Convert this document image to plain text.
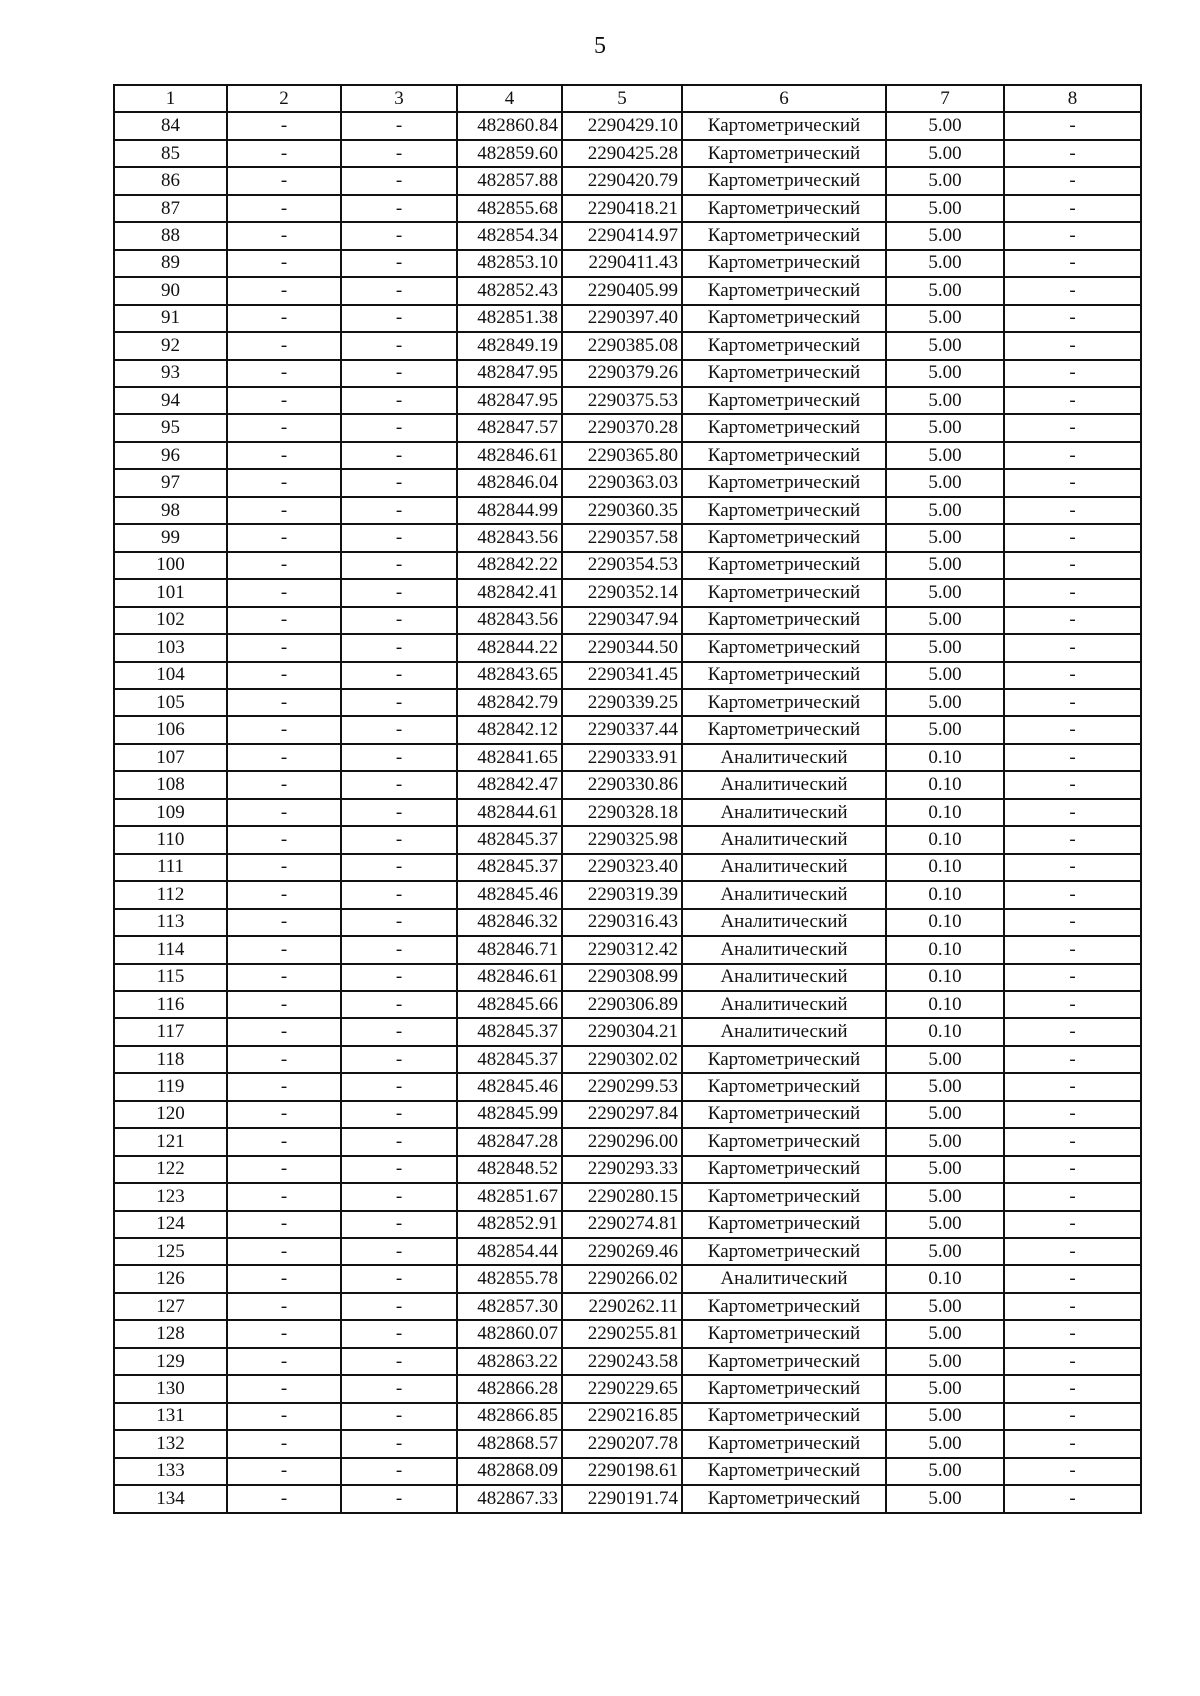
5
1	2	3	4	5	6	7	8
84	-	-	482860.84	2290429.10	Картометрический	5.00	-
85	-	-	482859.60	2290425.28	Картометрический	5.00	-
86	-	-	482857.88	2290420.79	Картометрический	5.00	-
87	-	-	482855.68	2290418.21	Картометрический	5.00	-
88	-	-	482854.34	2290414.97	Картометрический	5.00	-
89	-	-	482853.10	2290411.43	Картометрический	5.00	-
90	-	-	482852.43	2290405.99	Картометрический	5.00	-
91	-	-	482851.38	2290397.40	Картометрический	5.00	-
92	-	-	482849.19	2290385.08	Картометрический	5.00	-
93	-	-	482847.95	2290379.26	Картометрический	5.00	-
94	-	-	482847.95	2290375.53	Картометрический	5.00	-
95	-	-	482847.57	2290370.28	Картометрический	5.00	-
96	-	-	482846.61	2290365.80	Картометрический	5.00	-
97	-	-	482846.04	2290363.03	Картометрический	5.00	-
98	-	-	482844.99	2290360.35	Картометрический	5.00	-
99	-	-	482843.56	2290357.58	Картометрический	5.00	-
100	-	-	482842.22	2290354.53	Картометрический	5.00	-
101	-	-	482842.41	2290352.14	Картометрический	5.00	-
102	-	-	482843.56	2290347.94	Картометрический	5.00	-
103	-	-	482844.22	2290344.50	Картометрический	5.00	-
104	-	-	482843.65	2290341.45	Картометрический	5.00	-
105	-	-	482842.79	2290339.25	Картометрический	5.00	-
106	-	-	482842.12	2290337.44	Картометрический	5.00	-
107	-	-	482841.65	2290333.91	Аналитический	0.10	-
108	-	-	482842.47	2290330.86	Аналитический	0.10	-
109	-	-	482844.61	2290328.18	Аналитический	0.10	-
110	-	-	482845.37	2290325.98	Аналитический	0.10	-
111	-	-	482845.37	2290323.40	Аналитический	0.10	-
112	-	-	482845.46	2290319.39	Аналитический	0.10	-
113	-	-	482846.32	2290316.43	Аналитический	0.10	-
114	-	-	482846.71	2290312.42	Аналитический	0.10	-
115	-	-	482846.61	2290308.99	Аналитический	0.10	-
116	-	-	482845.66	2290306.89	Аналитический	0.10	-
117	-	-	482845.37	2290304.21	Аналитический	0.10	-
118	-	-	482845.37	2290302.02	Картометрический	5.00	-
119	-	-	482845.46	2290299.53	Картометрический	5.00	-
120	-	-	482845.99	2290297.84	Картометрический	5.00	-
121	-	-	482847.28	2290296.00	Картометрический	5.00	-
122	-	-	482848.52	2290293.33	Картометрический	5.00	-
123	-	-	482851.67	2290280.15	Картометрический	5.00	-
124	-	-	482852.91	2290274.81	Картометрический	5.00	-
125	-	-	482854.44	2290269.46	Картометрический	5.00	-
126	-	-	482855.78	2290266.02	Аналитический	0.10	-
127	-	-	482857.30	2290262.11	Картометрический	5.00	-
128	-	-	482860.07	2290255.81	Картометрический	5.00	-
129	-	-	482863.22	2290243.58	Картометрический	5.00	-
130	-	-	482866.28	2290229.65	Картометрический	5.00	-
131	-	-	482866.85	2290216.85	Картометрический	5.00	-
132	-	-	482868.57	2290207.78	Картометрический	5.00	-
133	-	-	482868.09	2290198.61	Картометрический	5.00	-
134	-	-	482867.33	2290191.74	Картометрический	5.00	-
